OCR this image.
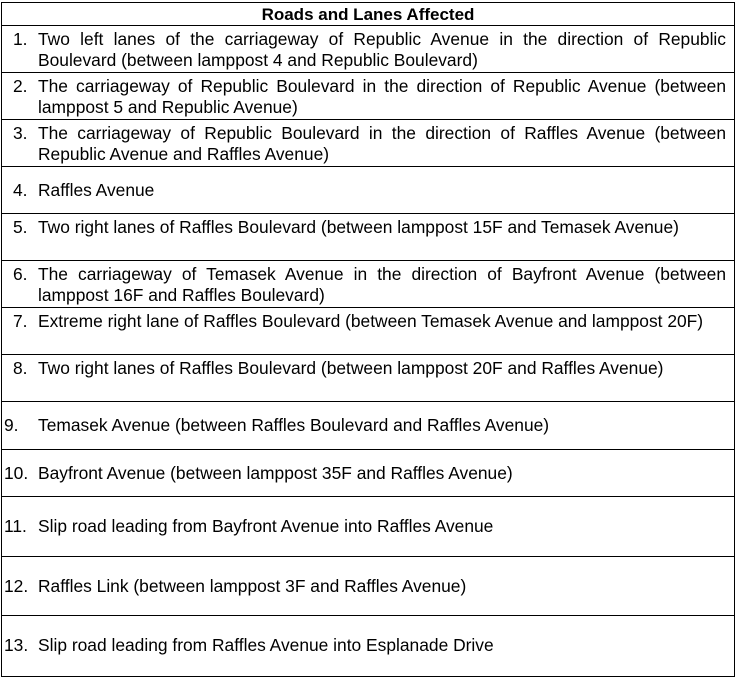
Roads and Lanes Affected
1. Two left lanes of the carriageway of Republic Avenue in the direction of Republic Boulevard (between lamppost 4 and Republic Boulevard)
2. The carriageway of Republic Boulevard in the direction of Republic Avenue (between lamppost 5 and Republic Avenue)
3. The carriageway of Republic Boulevard in the direction of Raffles Avenue (between Republic Avenue and Raffles Avenue)
4. Raffles Avenue
5. Two right lanes of Raffles Boulevard (between lamppost 15F and Temasek Avenue)
6. The carriageway of Temasek Avenue in the direction of Bayfront Avenue (between lamppost 16F and Raffles Boulevard)
7. Extreme right lane of Raffles Boulevard (between Temasek Avenue and lamppost 20F)
8. Two right lanes of Raffles Boulevard (between lamppost 20F and Raffles Avenue)
9. Temasek Avenue (between Raffles Boulevard and Raffles Avenue)
10. Bayfront Avenue (between lamppost 35F and Raffles Avenue)
11. Slip road leading from Bayfront Avenue into Raffles Avenue
12. Raffles Link (between lamppost 3F and Raffles Avenue)
13. Slip road leading from Raffles Avenue into Esplanade Drive
